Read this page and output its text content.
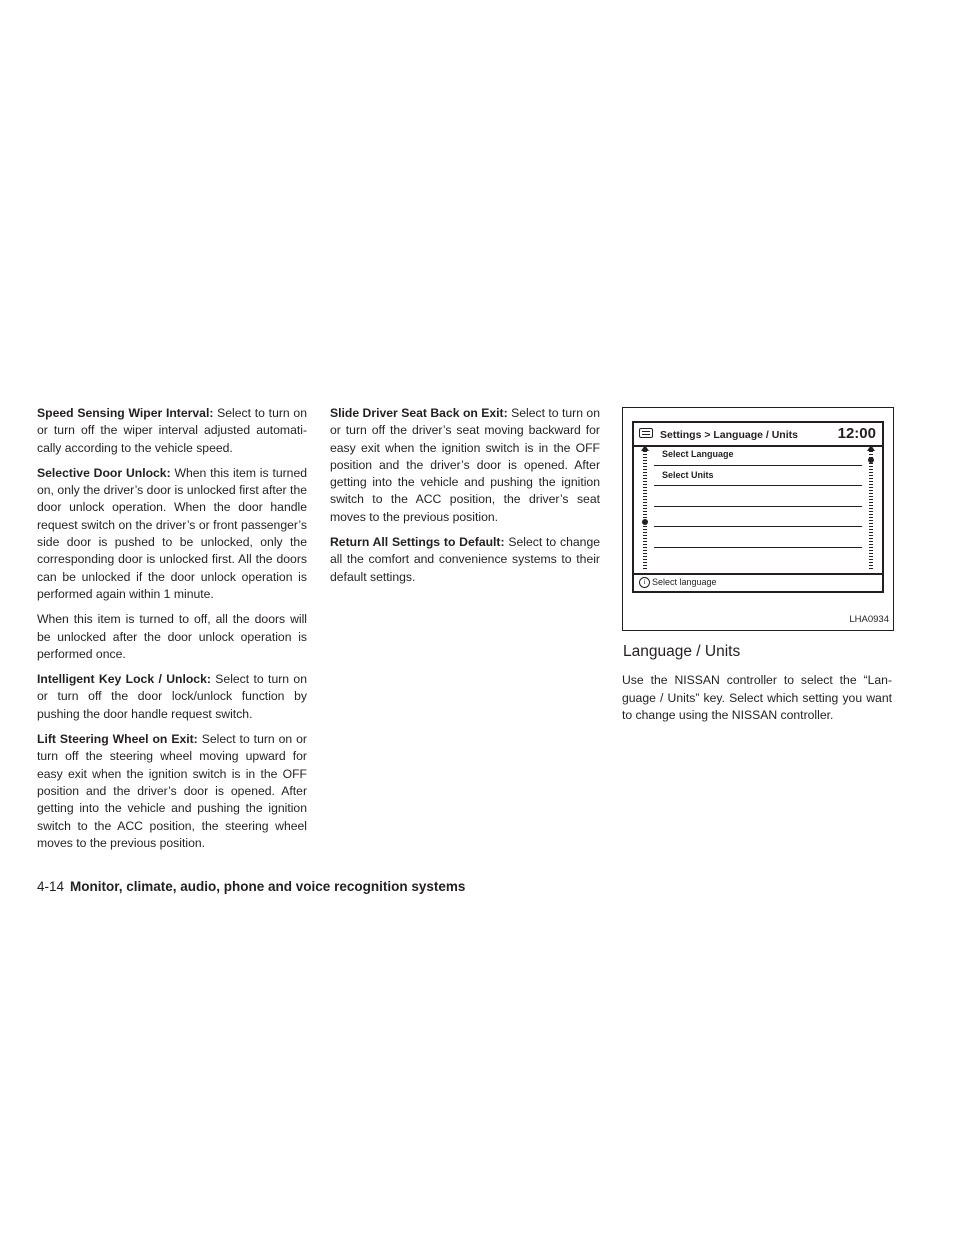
Speed Sensing Wiper Interval: Select to turn on or turn off the wiper interval adjusted automatically according to the vehicle speed.

Selective Door Unlock: When this item is turned on, only the driver’s door is unlocked first after the door unlock operation. When the door handle request switch on the driver’s or front passenger’s side door is pushed to be unlocked, only the corresponding door is unlocked first. All the doors can be unlocked if the door unlock operation is performed again within 1 minute.

When this item is turned to off, all the doors will be unlocked after the door unlock operation is performed once.

Intelligent Key Lock / Unlock: Select to turn on or turn off the door lock/unlock function by pushing the door handle request switch.

Lift Steering Wheel on Exit: Select to turn on or turn off the steering wheel moving upward for easy exit when the ignition switch is in the OFF position and the driver’s door is opened. After getting into the vehicle and pushing the ignition switch to the ACC position, the steering wheel moves to the previous position.

Slide Driver Seat Back on Exit: Select to turn on or turn off the driver’s seat moving backward for easy exit when the ignition switch is in the OFF position and the driver’s door is opened. After getting into the vehicle and pushing the ignition switch to the ACC position, the driver’s seat moves to the previous position.

Return All Settings to Default: Select to change all the comfort and convenience systems to their default settings.

Settings > Language / Units	12:00
Select Language
Select Units
i Select language
LHA0934
Language / Units

Use the NISSAN controller to select the “Language / Units” key. Select which setting you want to change using the NISSAN controller.

4-14 Monitor, climate, audio, phone and voice recognition systems
